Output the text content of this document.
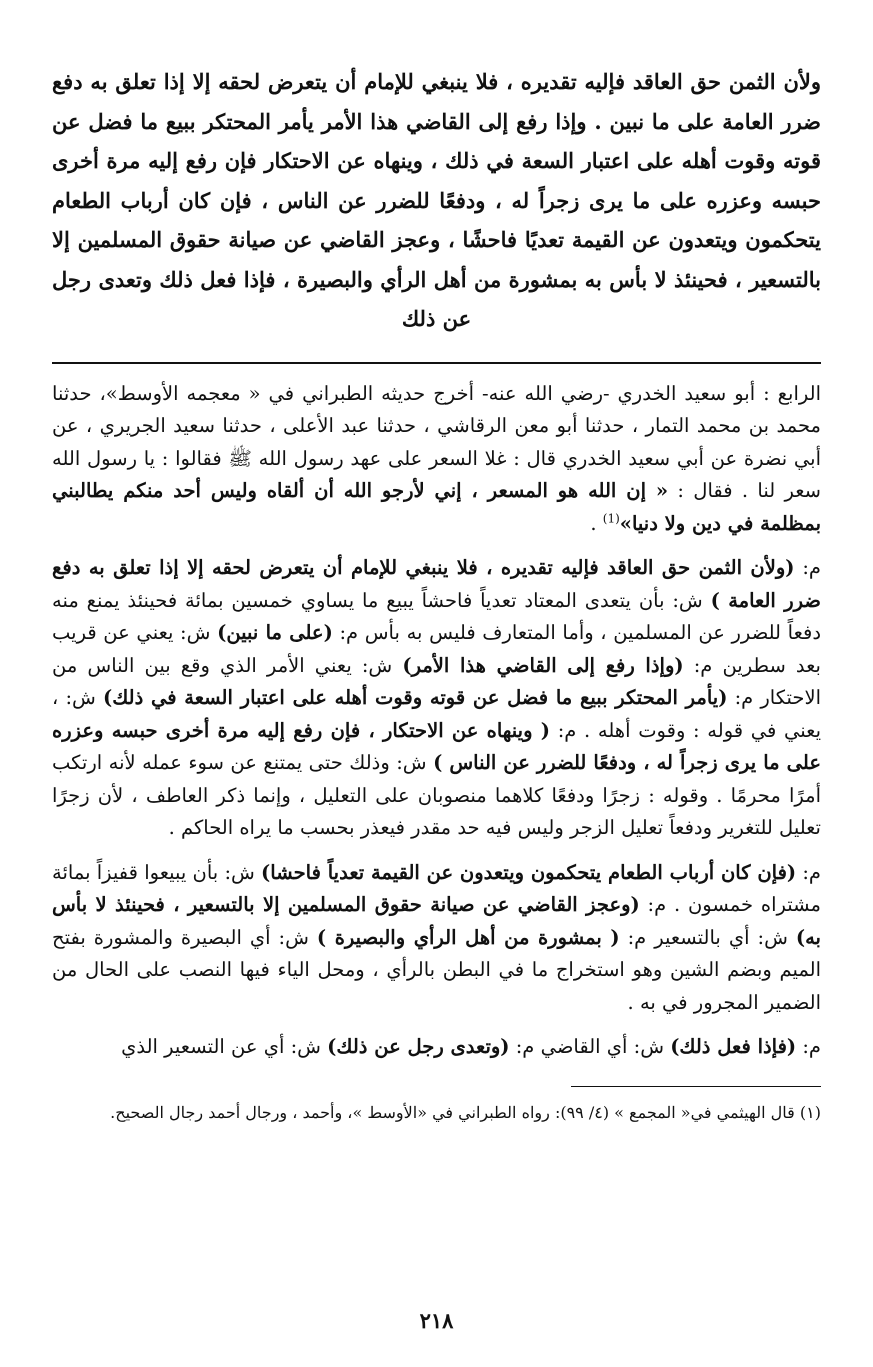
ولأن الثمن حق العاقد فإليه تقديره ، فلا ينبغي للإمام أن يتعرض لحقه إلا إذا تعلق به دفع ضرر العامة على ما نبين . وإذا رفع إلى القاضي هذا الأمر يأمر المحتكر ببيع ما فضل عن قوته وقوت أهله على اعتبار السعة في ذلك ، وينهاه عن الاحتكار فإن رفع إليه مرة أخرى حبسه وعزره على ما يرى زجراً له ، ودفعًا للضرر عن الناس ، فإن كان أرباب الطعام يتحكمون ويتعدون عن القيمة تعديًا فاحشًا ، وعجز القاضي عن صيانة حقوق المسلمين إلا بالتسعير ، فحينئذ لا بأس به بمشورة من أهل الرأي والبصيرة ، فإذا فعل ذلك وتعدى رجل عن ذلك

الرابع : أبو سعيد الخدري -رضي الله عنه- أخرج حديثه الطبراني في « معجمه الأوسط»، حدثنا محمد بن محمد التمار ، حدثنا أبو معن الرقاشي ، حدثنا عبد الأعلى ، حدثنا سعيد الجريري ، عن أبي نضرة عن أبي سعيد الخدري قال : غلا السعر على عهد رسول الله ﷺ فقالوا : يا رسول الله سعر لنا . فقال : « إن الله هو المسعر ، إني لأرجو الله أن ألقاه وليس أحد منكم يطالبني بمظلمة في دين ولا دنيا»$^{(1)}$ .

م: (ولأن الثمن حق العاقد فإليه تقديره ، فلا ينبغي للإمام أن يتعرض لحقه إلا إذا تعلق به دفع ضرر العامة ) ش: بأن يتعدى المعتاد تعدياً فاحشاً يبيع ما يساوي خمسين بمائة فحينئذ يمنع منه دفعاً للضرر عن المسلمين ، وأما المتعارف فليس به بأس م: (على ما نبين) ش: يعني عن قريب بعد سطرين م: (وإذا رفع إلى القاضي هذا الأمر) ش: يعني الأمر الذي وقع بين الناس من الاحتكار م: (يأمر المحتكر ببيع ما فضل عن قوته وقوت أهله على اعتبار السعة في ذلك) ش: ، يعني في قوله : وقوت أهله . م: ( وينهاه عن الاحتكار ، فإن رفع إليه مرة أخرى حبسه وعزره على ما يرى زجراً له ، ودفعًا للضرر عن الناس ) ش: وذلك حتى يمتنع عن سوء عمله لأنه ارتكب أمرًا محرمًا . وقوله : زجرًا ودفعًا كلاهما منصوبان على التعليل ، وإنما ذكر العاطف ، لأن زجرًا تعليل للتغرير ودفعاً تعليل الزجر وليس فيه حد مقدر فيعذر بحسب ما يراه الحاكم .

م: (فإن كان أرباب الطعام يتحكمون ويتعدون عن القيمة تعدياً فاحشا) ش: بأن يبيعوا قفيزاً بمائة مشتراه خمسون . م: (وعجز القاضي عن صيانة حقوق المسلمين إلا بالتسعير ، فحينئذ لا بأس به) ش: أي بالتسعير م: ( بمشورة من أهل الرأي والبصيرة ) ش: أي البصيرة والمشورة بفتح الميم وبضم الشين وهو استخراج ما في البطن بالرأي ، ومحل الياء فيها النصب على الحال من الضمير المجرور في به .

م: (فإذا فعل ذلك) ش: أي القاضي م: (وتعدى رجل عن ذلك) ش: أي عن التسعير الذي

(١) قال الهيثمي في« المجمع » (٤/ ٩٩): رواه الطبراني في «الأوسط »، وأحمد ، ورجال أحمد رجال الصحيح.

٢١٨
